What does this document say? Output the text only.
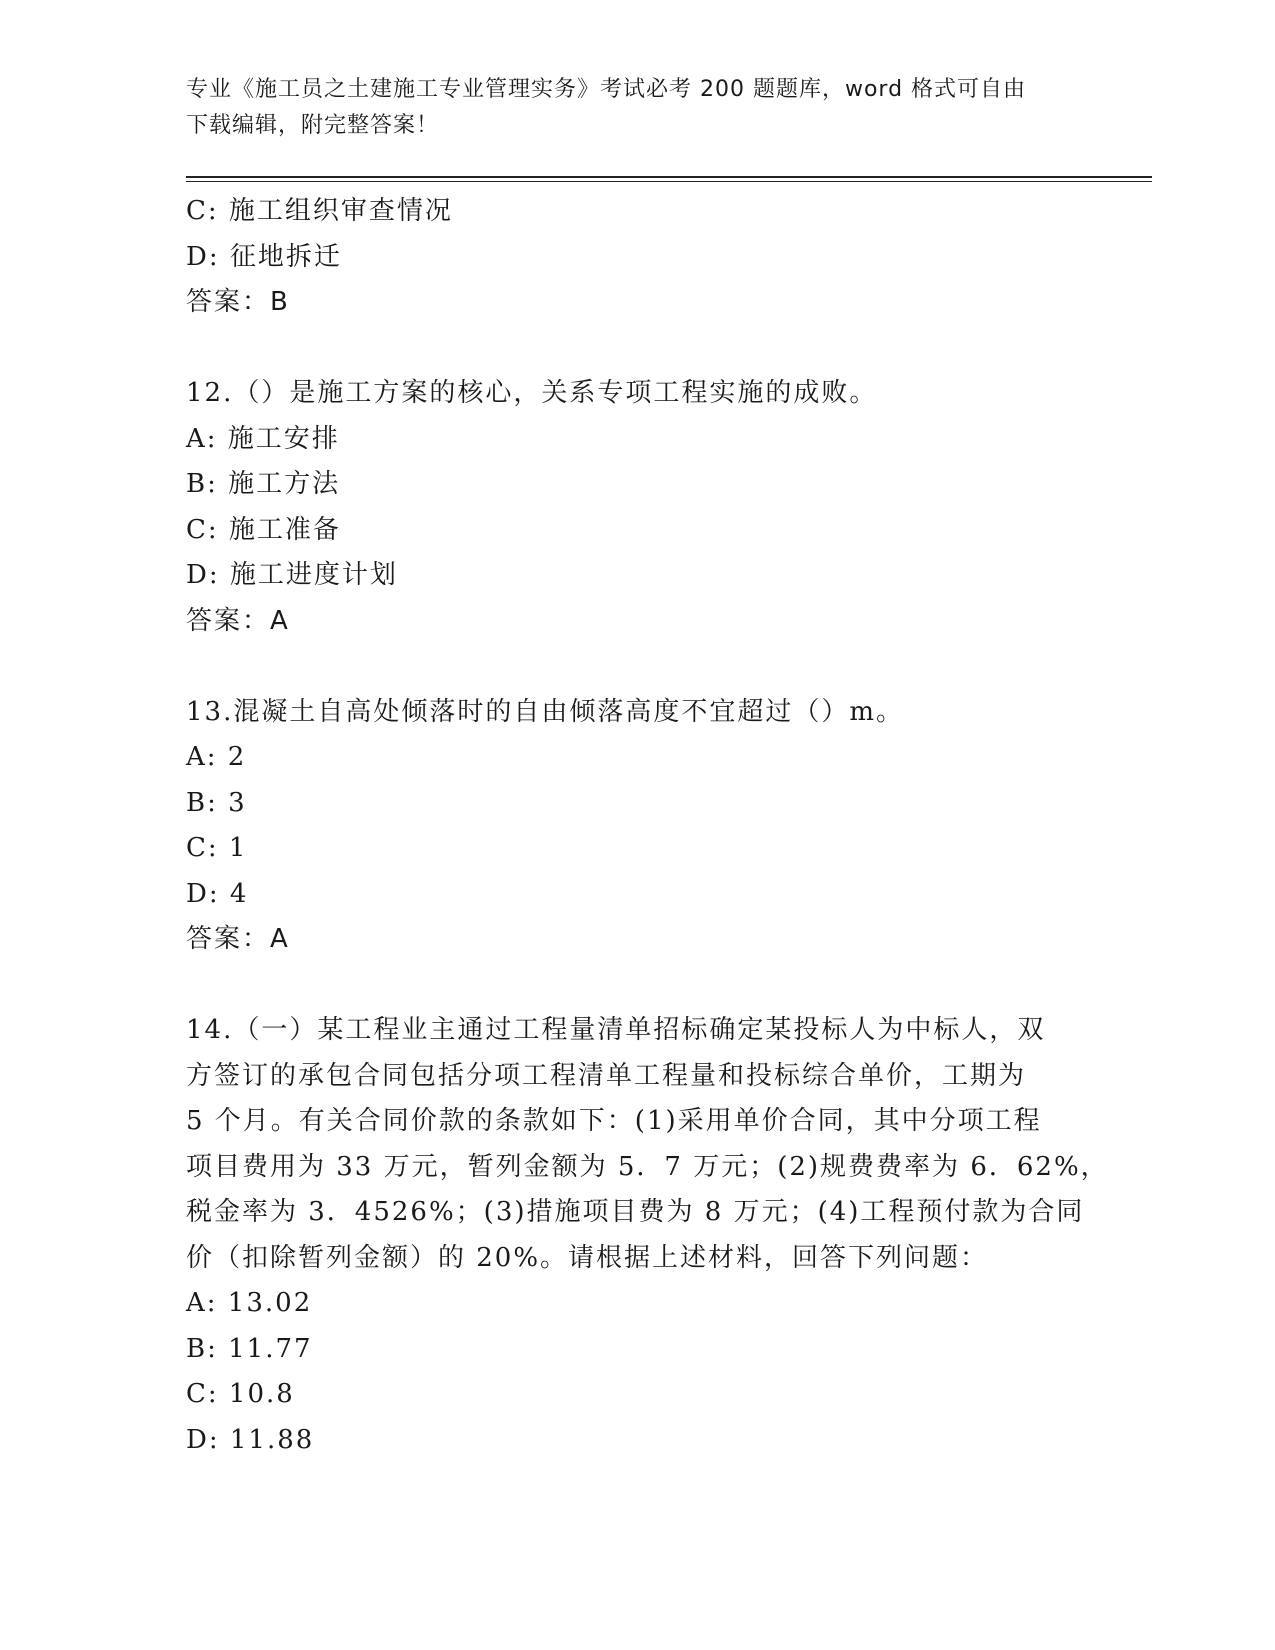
专业《施工员之土建施工专业管理实务》考试必考 200 题题库，word 格式可自由
下载编辑，附完整答案！
C: 施工组织审查情况
D: 征地拆迁
答案：B
12.（）是施工方案的核心，关系专项工程实施的成败。
A: 施工安排
B: 施工方法
C: 施工准备
D: 施工进度计划
答案：A
13.混凝土自高处倾落时的自由倾落高度不宜超过（）m。
A: 2
B: 3
C: 1
D: 4
答案：A
14.（一）某工程业主通过工程量清单招标确定某投标人为中标人，双
方签订的承包合同包括分项工程清单工程量和投标综合单价，工期为
5 个月。有关合同价款的条款如下：(1)采用单价合同，其中分项工程
项目费用为 33 万元，暂列金额为 5．7 万元；(2)规费费率为 6．62%，
税金率为 3．4526%；(3)措施项目费为 8 万元；(4)工程预付款为合同
价（扣除暂列金额）的 20%。请根据上述材料，回答下列问题：
A: 13.02
B: 11.77
C: 10.8
D: 11.88
